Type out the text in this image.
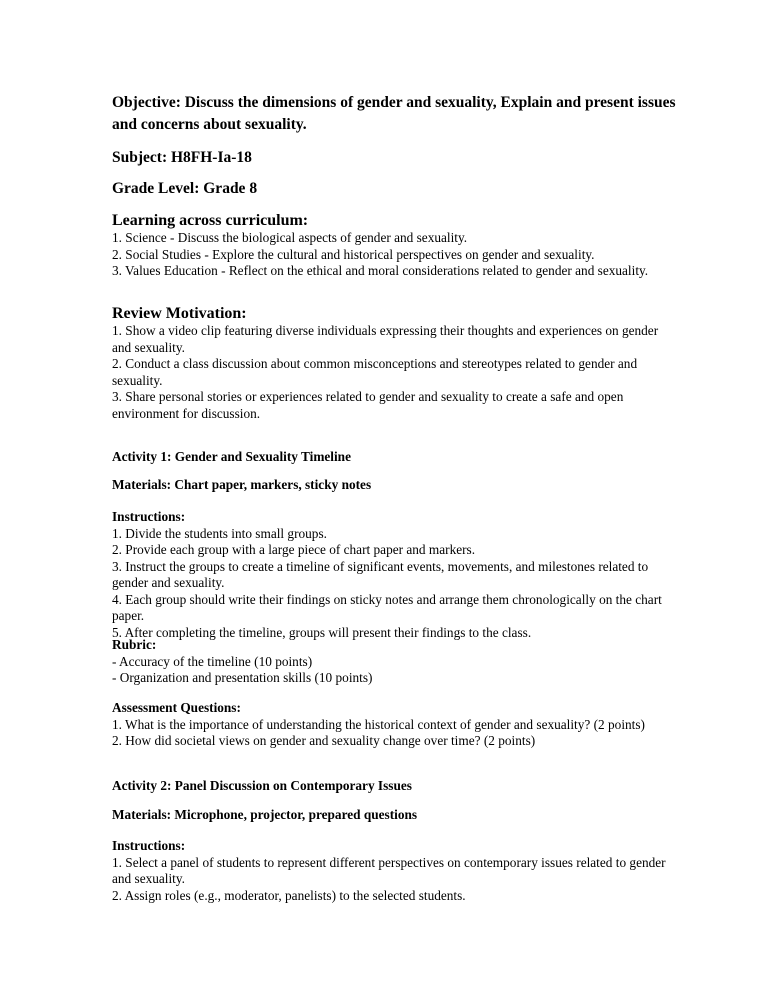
Objective: Discuss the dimensions of gender and sexuality, Explain and present issues and concerns about sexuality.

Subject: H8FH-Ia-18

Grade Level: Grade 8

Learning across curriculum:

1. Science - Discuss the biological aspects of gender and sexuality.

2. Social Studies - Explore the cultural and historical perspectives on gender and sexuality.

3. Values Education - Reflect on the ethical and moral considerations related to gender and sexuality.

Review Motivation:

1. Show a video clip featuring diverse individuals expressing their thoughts and experiences on gender and sexuality.

2. Conduct a class discussion about common misconceptions and stereotypes related to gender and sexuality.

3. Share personal stories or experiences related to gender and sexuality to create a safe and open environment for discussion.

Activity 1: Gender and Sexuality Timeline

Materials: Chart paper, markers, sticky notes

Instructions:

1. Divide the students into small groups.

2. Provide each group with a large piece of chart paper and markers.

3. Instruct the groups to create a timeline of significant events, movements, and milestones related to gender and sexuality.

4. Each group should write their findings on sticky notes and arrange them chronologically on the chart paper.

5. After completing the timeline, groups will present their findings to the class.

Rubric:

- Accuracy of the timeline (10 points)

- Organization and presentation skills (10 points)

Assessment Questions:

1. What is the importance of understanding the historical context of gender and sexuality? (2 points)

2. How did societal views on gender and sexuality change over time? (2 points)

Activity 2: Panel Discussion on Contemporary Issues

Materials: Microphone, projector, prepared questions

Instructions:

1. Select a panel of students to represent different perspectives on contemporary issues related to gender and sexuality.

2. Assign roles (e.g., moderator, panelists) to the selected students.
